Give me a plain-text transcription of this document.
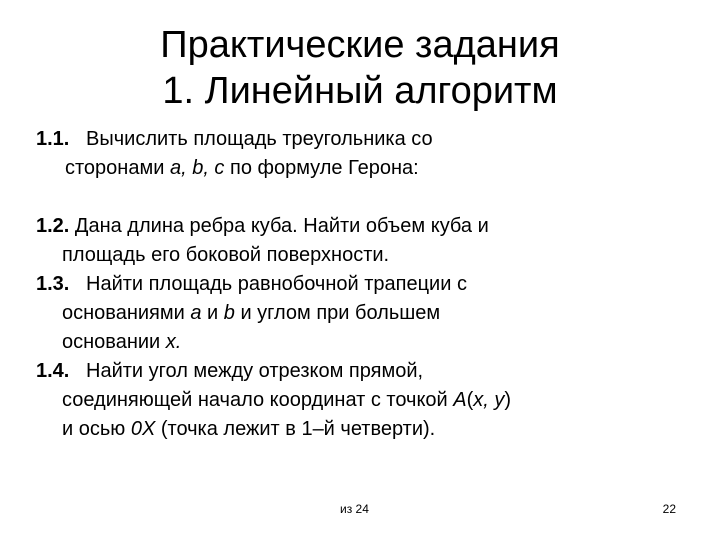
Практические задания
1. Линейный алгоритм
1.1. Вычислить площадь треугольника со
сторонами a, b, c по формуле Герона:
1.2. Дана длина ребра куба. Найти объем куба и
площадь его боковой поверхности.
1.3. Найти площадь равнобочной трапеции с
основаниями a и b и углом при большем
основании x.
1.4. Найти угол между отрезком прямой,
соединяющей начало координат с точкой A(x, y)
и осью 0X (точка лежит в 1–й четверти).
из 24	22
